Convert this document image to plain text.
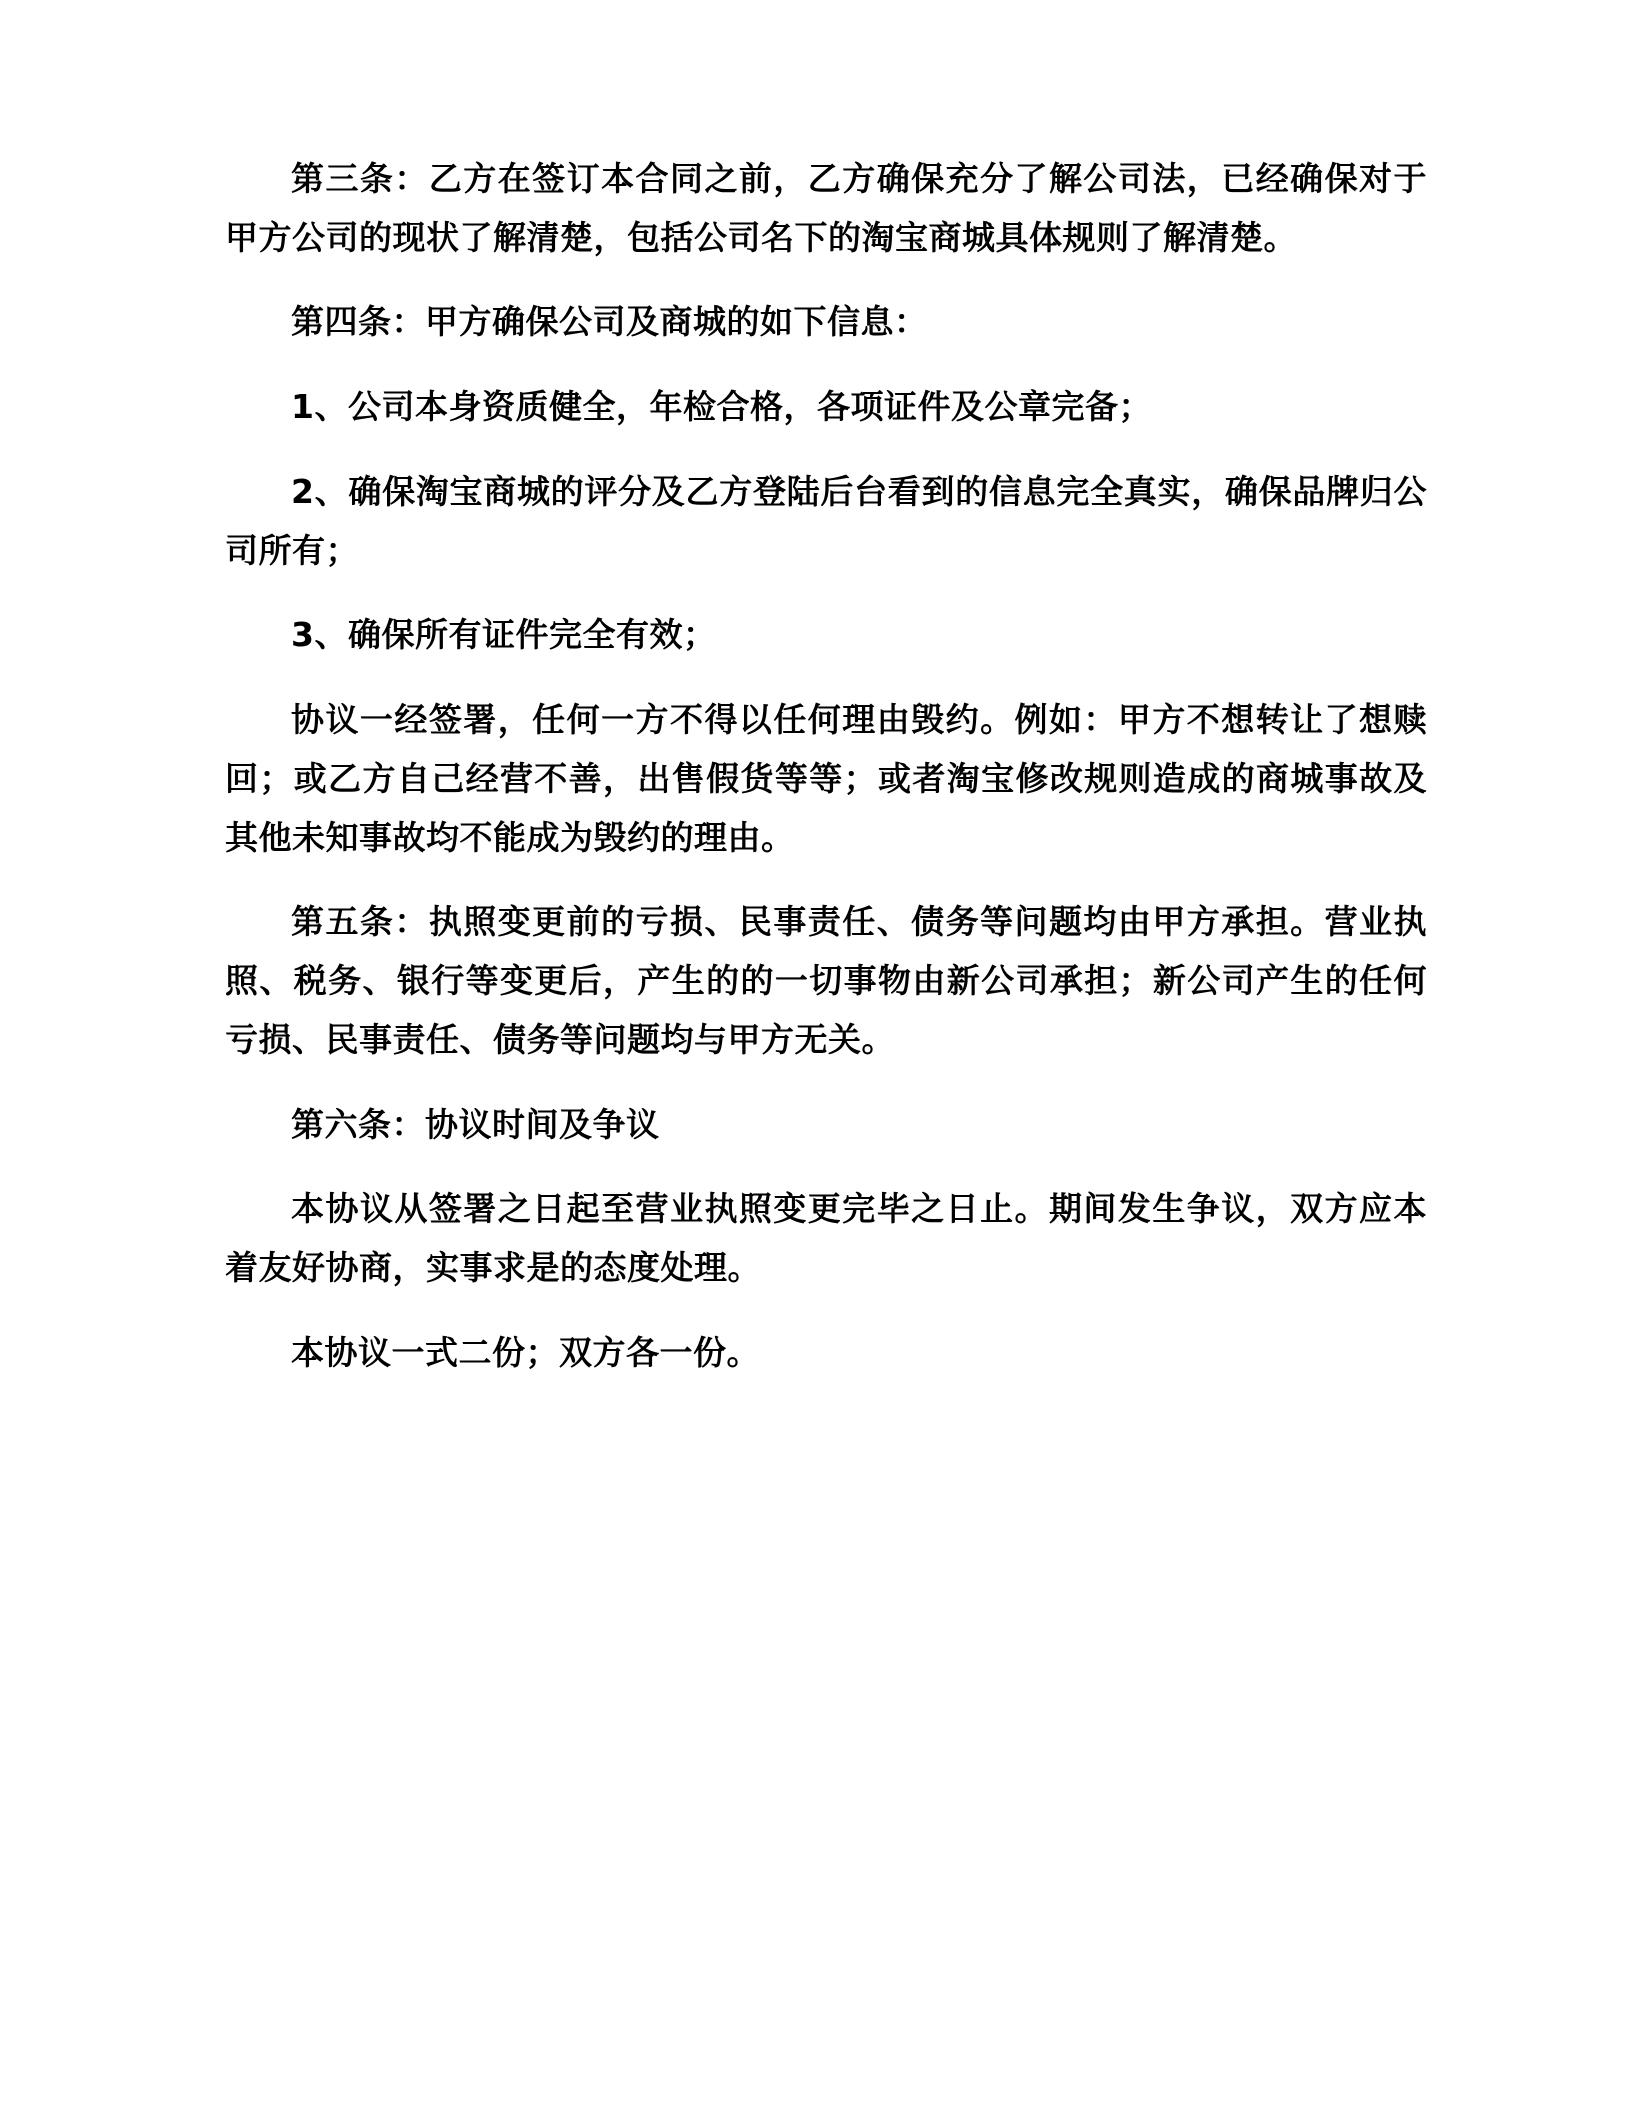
第三条：乙方在签订本合同之前，乙方确保充分了解公司法，已经确保对于甲方公司的现状了解清楚，包括公司名下的淘宝商城具体规则了解清楚。

第四条：甲方确保公司及商城的如下信息：

1、公司本身资质健全，年检合格，各项证件及公章完备；

2、确保淘宝商城的评分及乙方登陆后台看到的信息完全真实，确保品牌归公司所有；

3、确保所有证件完全有效；

协议一经签署，任何一方不得以任何理由毁约。例如：甲方不想转让了想赎回；或乙方自己经营不善，出售假货等等；或者淘宝修改规则造成的商城事故及其他未知事故均不能成为毁约的理由。

第五条：执照变更前的亏损、民事责任、债务等问题均由甲方承担。营业执照、税务、银行等变更后，产生的的一切事物由新公司承担；新公司产生的任何亏损、民事责任、债务等问题均与甲方无关。

第六条：协议时间及争议

本协议从签署之日起至营业执照变更完毕之日止。期间发生争议，双方应本着友好协商，实事求是的态度处理。

本协议一式二份；双方各一份。
